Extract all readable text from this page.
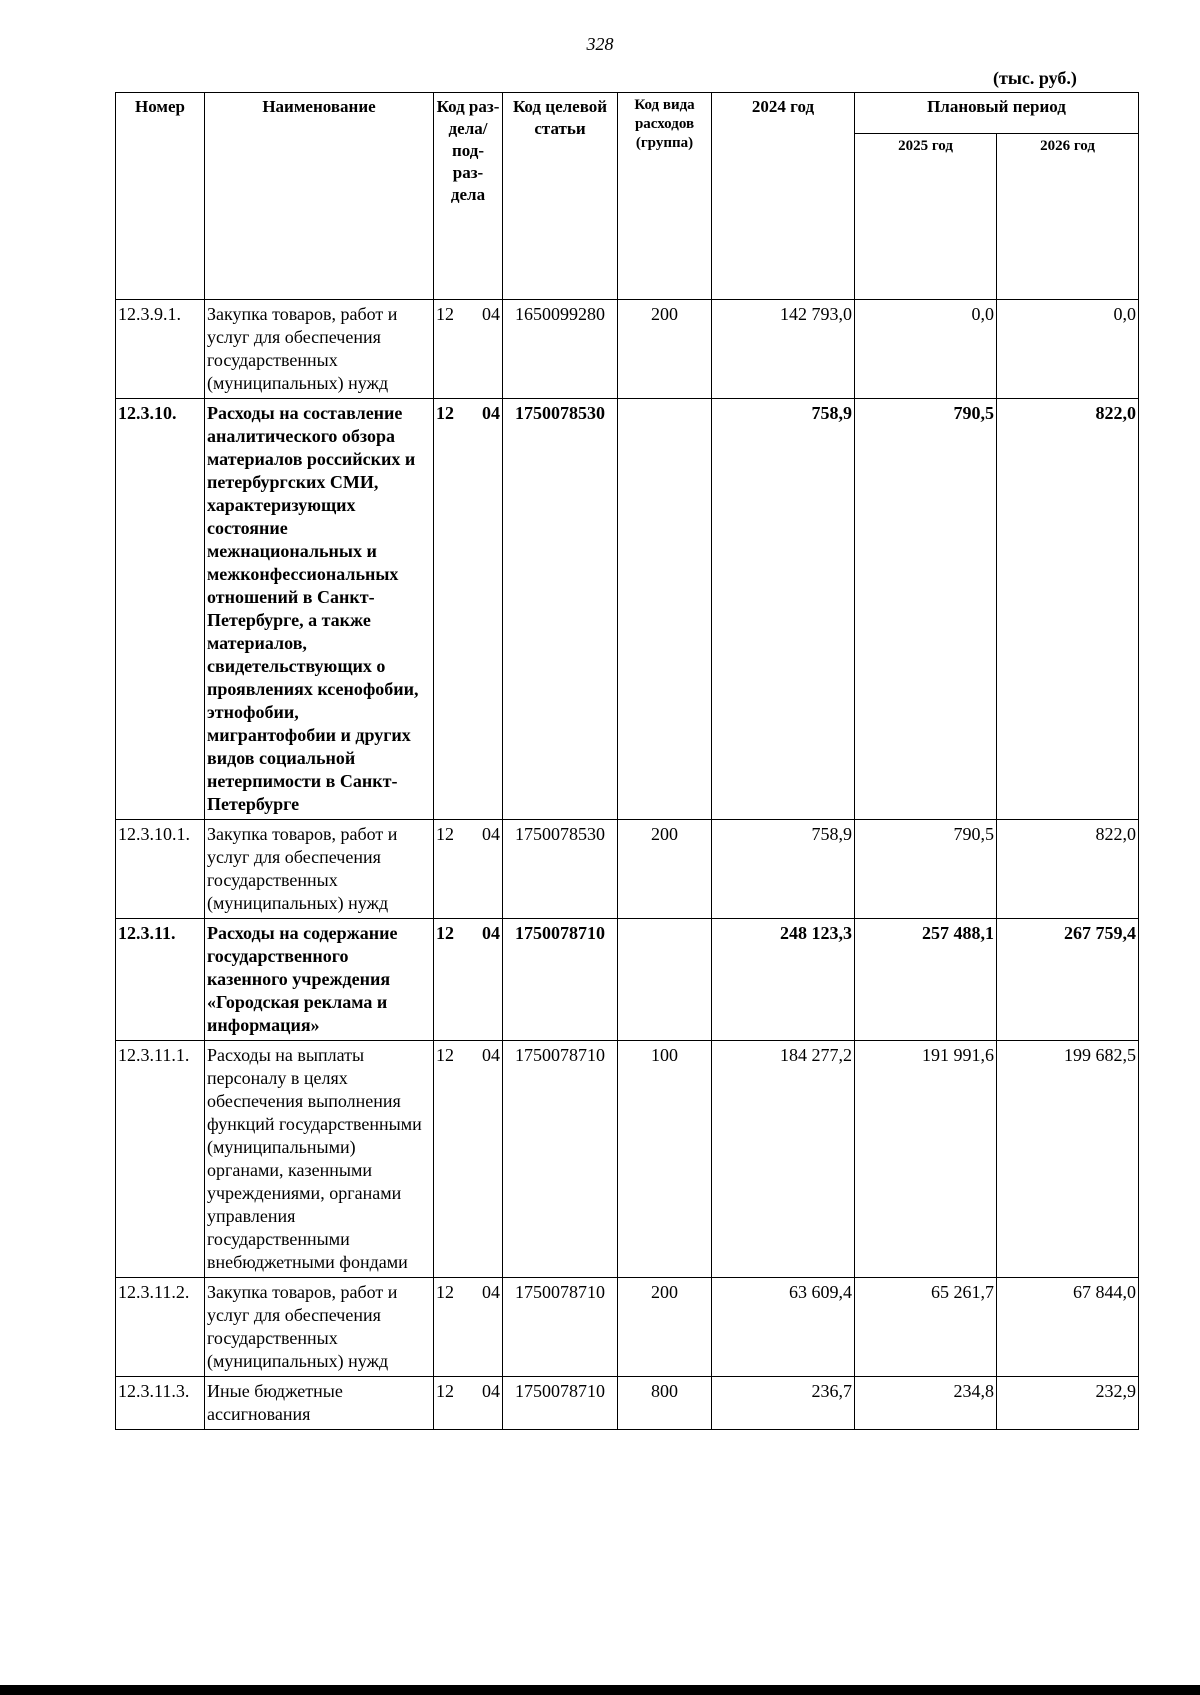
328
(тыс. руб.)
Номер	Наименование	Код раз- дела/ под- раз- дела	Код целевой статьи	Код вида расходов (группа)	2024 год	Плановый период	
						2025 год	2026 год
12.3.9.1.	Закупка товаров, работ и услуг для обеспечения государственных (муниципальных) нужд	12 04	1650099280	200	142 793,0	0,0	0,0
12.3.10.	Расходы на составление аналитического обзора материалов российских и петербургских СМИ, характеризующих состояние межнациональных и межконфессиональных отношений в Санкт-Петербурге, а также материалов, свидетельствующих о проявлениях ксенофобии, этнофобии, мигрантофобии и других видов социальной нетерпимости в Санкт-Петербурге	12 04	1750078530		758,9	790,5	822,0
12.3.10.1.	Закупка товаров, работ и услуг для обеспечения государственных (муниципальных) нужд	12 04	1750078530	200	758,9	790,5	822,0
12.3.11.	Расходы на содержание государственного казенного учреждения «Городская реклама и информация»	12 04	1750078710		248 123,3	257 488,1	267 759,4
12.3.11.1.	Расходы на выплаты персоналу в целях обеспечения выполнения функций государственными (муниципальными) органами, казенными учреждениями, органами управления государственными внебюджетными фондами	12 04	1750078710	100	184 277,2	191 991,6	199 682,5
12.3.11.2.	Закупка товаров, работ и услуг для обеспечения государственных (муниципальных) нужд	12 04	1750078710	200	63 609,4	65 261,7	67 844,0
12.3.11.3.	Иные бюджетные ассигнования	12 04	1750078710	800	236,7	234,8	232,9
